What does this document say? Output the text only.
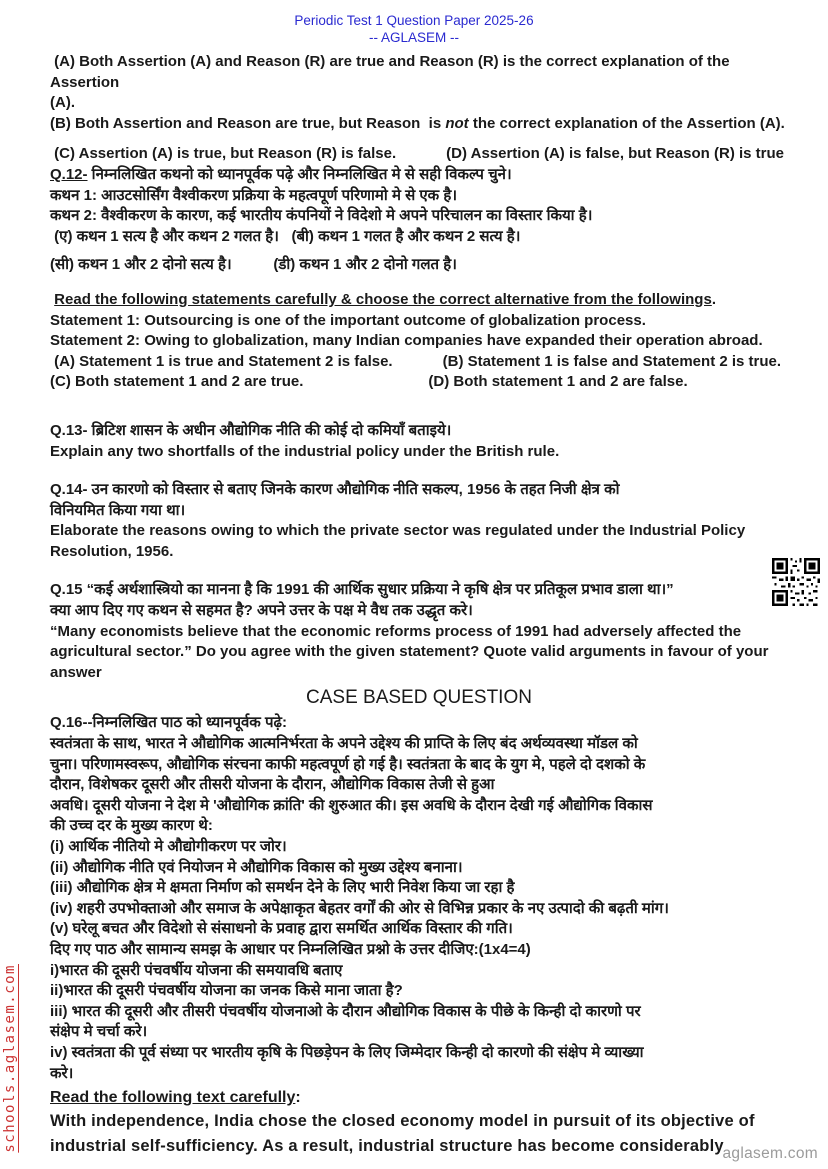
Periodic Test 1 Question Paper 2025-26
-- AGLASEM --
(A) Both Assertion (A) and Reason (R) are true and Reason (R) is the correct explanation of the Assertion
(A).
(B) Both Assertion and Reason are true, but Reason  is not the correct explanation of the Assertion (A).
(C) Assertion (A) is true, but Reason (R) is false.            (D) Assertion (A) is false, but Reason (R) is true
Q.12- निम्नलिखित कथनो को ध्यानपूर्वक पढ़े और निम्नलिखित मे से सही विकल्प चुने।
कथन 1: आउटसोर्सिंग वैश्वीकरण प्रक्रिया के महत्वपूर्ण परिणामो मे से एक है।
कथन 2: वैश्वीकरण के कारण, कई भारतीय कंपनियों ने विदेशो मे अपने परिचालन का विस्तार किया है।
(ए) कथन 1 सत्य है और कथन 2 गलत है।   (बी) कथन 1 गलत है और कथन 2 सत्य है।
(सी) कथन 1 और 2 दोनो सत्य है।          (डी) कथन 1 और 2 दोनो गलत है।
Read the following statements carefully & choose the correct alternative from the followings.
Statement 1: Outsourcing is one of the important outcome of globalization process.
Statement 2: Owing to globalization, many Indian companies have expanded their operation abroad.
(A) Statement 1 is true and Statement 2 is false.            (B) Statement 1 is false and Statement 2 is true.
(C) Both statement 1 and 2 are true.                              (D) Both statement 1 and 2 are false.
Q.13- ब्रिटिश शासन के अधीन औद्योगिक नीति की कोई दो कमियाँ बताइये।
Explain any two shortfalls of the industrial policy under the British rule.
Q.14- उन कारणो को विस्तार से बताए जिनके कारण औद्योगिक नीति सकल्प, 1956 के तहत निजी क्षेत्र को
विनियमित किया गया था।
Elaborate the reasons owing to which the private sector was regulated under the Industrial Policy
Resolution, 1956.
Q.15 “कई अर्थशास्त्रियो का मानना है कि 1991 की आर्थिक सुधार प्रक्रिया ने कृषि क्षेत्र पर प्रतिकूल प्रभाव डाला था।”
क्या आप दिए गए कथन से सहमत है? अपने उत्तर के पक्ष मे वैध तक उद्धृत करे।
“Many economists believe that the economic reforms process of 1991 had adversely affected the
agricultural sector.” Do you agree with the given statement? Quote valid arguments in favour of your
answer
CASE BASED QUESTION
Q.16--निम्नलिखित पाठ को ध्यानपूर्वक पढ़े:
स्वतंत्रता के साथ, भारत ने औद्योगिक आत्मनिर्भरता के अपने उद्देश्य की प्राप्ति के लिए बंद अर्थव्यवस्था मॉडल को
चुना। परिणामस्वरूप, औद्योगिक संरचना काफी महत्वपूर्ण हो गई है। स्वतंत्रता के बाद के युग मे, पहले दो दशको के
दौरान, विशेषकर दूसरी और तीसरी योजना के दौरान, औद्योगिक विकास तेजी से हुआ
अवधि। दूसरी योजना ने देश मे 'औद्योगिक क्रांति' की शुरुआत की। इस अवधि के दौरान देखी गई औद्योगिक विकास
की उच्च दर के मुख्य कारण थे:
(i) आर्थिक नीतियो मे औद्योगीकरण पर जोर।
(ii) औद्योगिक नीति एवं नियोजन मे औद्योगिक विकास को मुख्य उद्देश्य बनाना।
(iii) औद्योगिक क्षेत्र मे क्षमता निर्माण को समर्थन देने के लिए भारी निवेश किया जा रहा है
(iv) शहरी उपभोक्ताओ और समाज के अपेक्षाकृत बेहतर वर्गों की ओर से विभिन्न प्रकार के नए उत्पादो की बढ़ती मांग।
(v) घरेलू बचत और विदेशो से संसाधनो के प्रवाह द्वारा समर्थित आर्थिक विस्तार की गति।
दिए गए पाठ और सामान्य समझ के आधार पर निम्नलिखित प्रश्नो के उत्तर दीजिए:(1x4=4)
i)भारत की दूसरी पंचवर्षीय योजना की समयावधि बताए
ii)भारत की दूसरी पंचवर्षीय योजना का जनक किसे माना जाता है?
iii) भारत की दूसरी और तीसरी पंचवर्षीय योजनाओ के दौरान औद्योगिक विकास के पीछे के किन्ही दो कारणो पर
संक्षेप मे चर्चा करे।
iv) स्वतंत्रता की पूर्व संध्या पर भारतीय कृषि के पिछड़ेपन के लिए जिम्मेदार किन्ही दो कारणो की संक्षेप मे व्याख्या
करे।
Read the following text carefully:
With independence, India chose the closed economy model in pursuit of its objective of
industrial self-sufficiency. As a result, industrial structure has become considerably
schools.aglasem.com
aglasem.com
